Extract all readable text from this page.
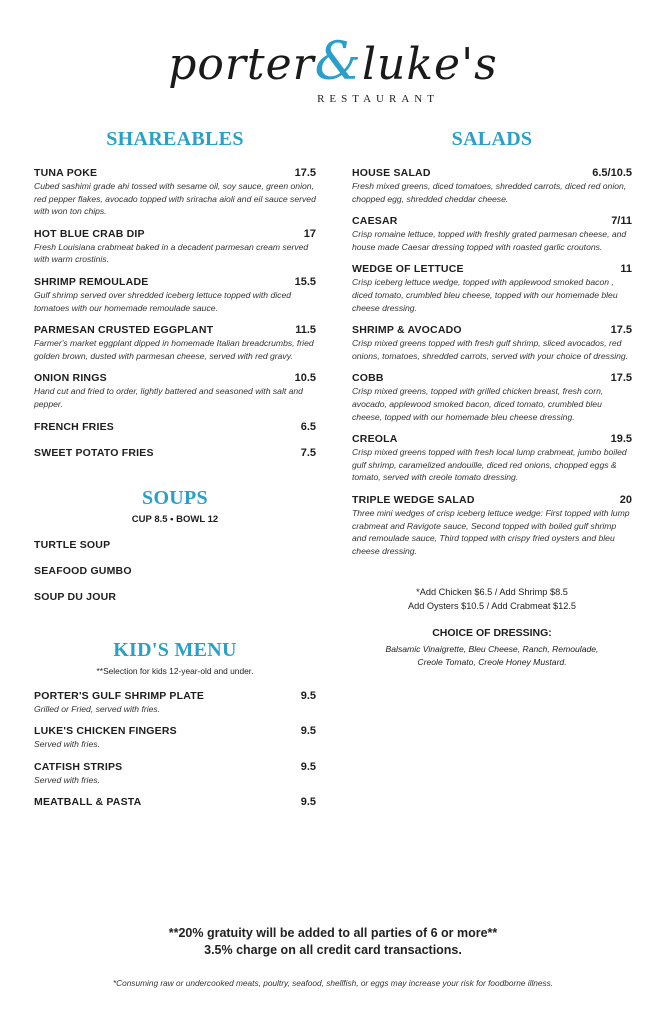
porter&luke's
RESTAURANT
SHAREABLES
TUNA POKE	17.5
Cubed sashimi grade ahi tossed with sesame oil, soy sauce, green onion, red pepper flakes, avocado topped with sriracha aioli and eil sauce served with won ton chips.
HOT BLUE CRAB DIP	17
Fresh Louisiana crabmeat baked in a decadent parmesan cream served with warm crostinis.
SHRIMP REMOULADE	15.5
Gulf shrimp served over shredded iceberg lettuce topped with diced tomatoes with our homemade remoulade sauce.
PARMESAN CRUSTED EGGPLANT	11.5
Farmer's market eggplant dipped in homemade Italian breadcrumbs, fried golden brown, dusted with parmesan cheese, served with red gravy.
ONION RINGS	10.5
Hand cut and fried to order, lightly battered and seasoned with salt and pepper.
FRENCH FRIES	6.5
SWEET POTATO FRIES	7.5
SOUPS
CUP 8.5 • BOWL 12
TURTLE SOUP
SEAFOOD GUMBO
SOUP DU JOUR
KID'S MENU
**Selection for kids 12-year-old and under.
PORTER'S GULF SHRIMP PLATE	9.5
Grilled or Fried, served with fries.
LUKE'S CHICKEN FINGERS	9.5
Served with fries.
CATFISH STRIPS	9.5
Served with fries.
MEATBALL & PASTA	9.5
SALADS
HOUSE SALAD	6.5/10.5
Fresh mixed greens, diced tomatoes, shredded carrots, diced red onion, chopped egg, shredded cheddar cheese.
CAESAR	7/11
Crisp romaine lettuce, topped with freshly grated parmesan cheese, and house made Caesar dressing topped with roasted garlic croutons.
WEDGE OF LETTUCE	11
Crisp iceberg lettuce wedge, topped with applewood smoked bacon , diced tomato, crumbled bleu cheese, topped with our homemade bleu cheese dressing.
SHRIMP & AVOCADO	17.5
Crisp mixed greens topped with fresh gulf shrimp, sliced avocados, red onions, tomatoes, shredded carrots, served with your choice of dressing.
COBB	17.5
Crisp mixed greens, topped with grilled chicken breast, fresh corn, avocado, applewood smoked bacon, diced tomato, crumbled bleu cheese, topped with our homemade bleu cheese dressing.
CREOLA	19.5
Crisp mixed greens topped with fresh local lump crabmeat, jumbo boiled gulf shrimp, caramelized andouille, diced red onions, chopped eggs & tomato, served with creole tomato dressing.
TRIPLE WEDGE SALAD	20
Three mini wedges of crisp iceberg lettuce wedge: First topped with lump crabmeat and Ravigote sauce, Second topped with boiled gulf shrimp and remoulade sauce, Third topped with crispy fried oysters and bleu cheese dressing.
*Add Chicken $6.5 / Add Shrimp $8.5
Add Oysters $10.5 / Add Crabmeat $12.5
CHOICE OF DRESSING:
Balsamic Vinaigrette, Bleu Cheese, Ranch, Remoulade,
Creole Tomato, Creole Honey Mustard.
**20% gratuity will be added to all parties of 6 or more**
3.5% charge on all credit card transactions.
*Consuming raw or undercooked meats, poultry, seafood, shellfish, or eggs may increase your risk for foodborne illness.
